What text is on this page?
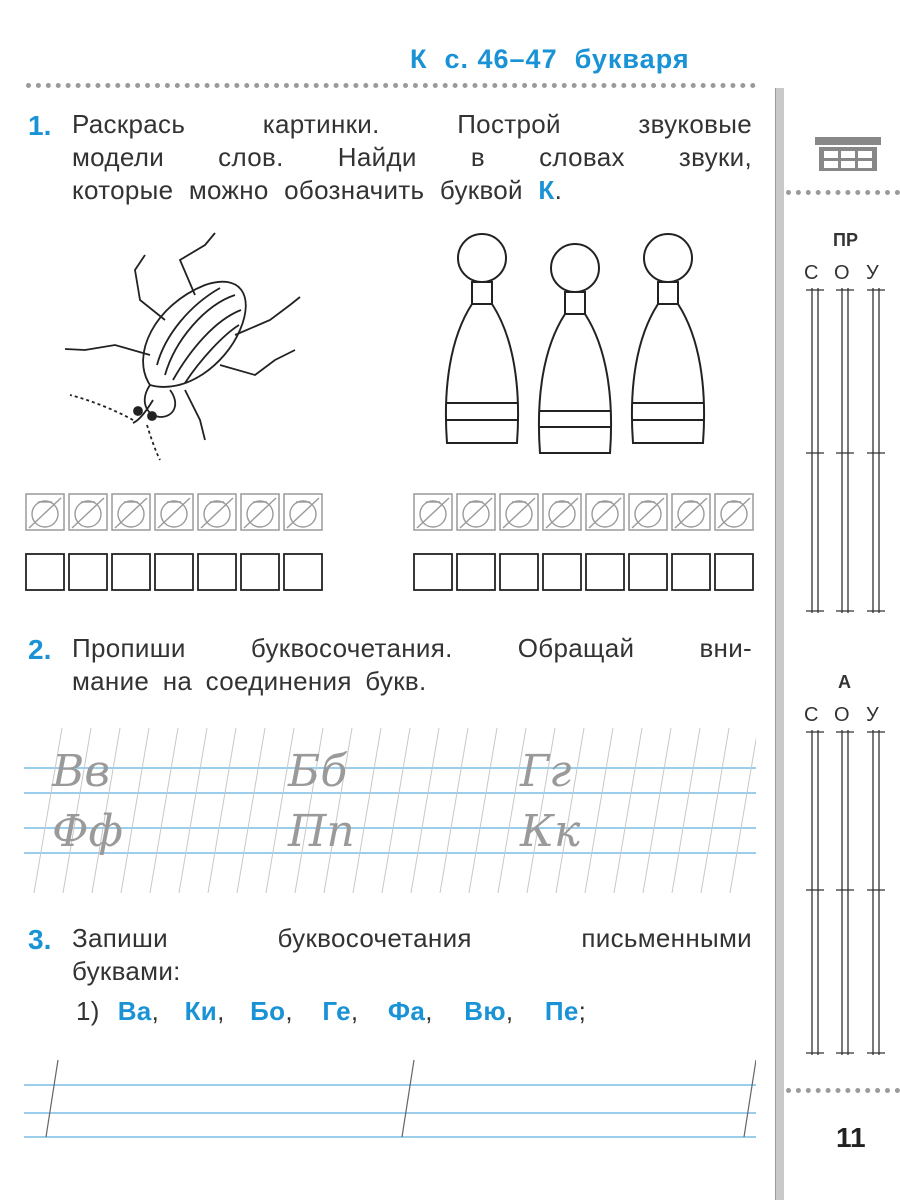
К  с. 46–47  букваря
1. Раскрась картинки. Построй звуковые
модели слов. Найди в словах звуки,
которые можно обозначить буквой К.
2. Пропиши буквосочетания. Обращай вни-
мание на соединения букв.
Вв	Бб	Гг
Фф	Пп	Кк
3. Запиши буквосочетания письменными
буквами:
1) Ва, Ки, Бо, Ге, Фа, Вю, Пе;
ПР
С О У
А
С О У
11
